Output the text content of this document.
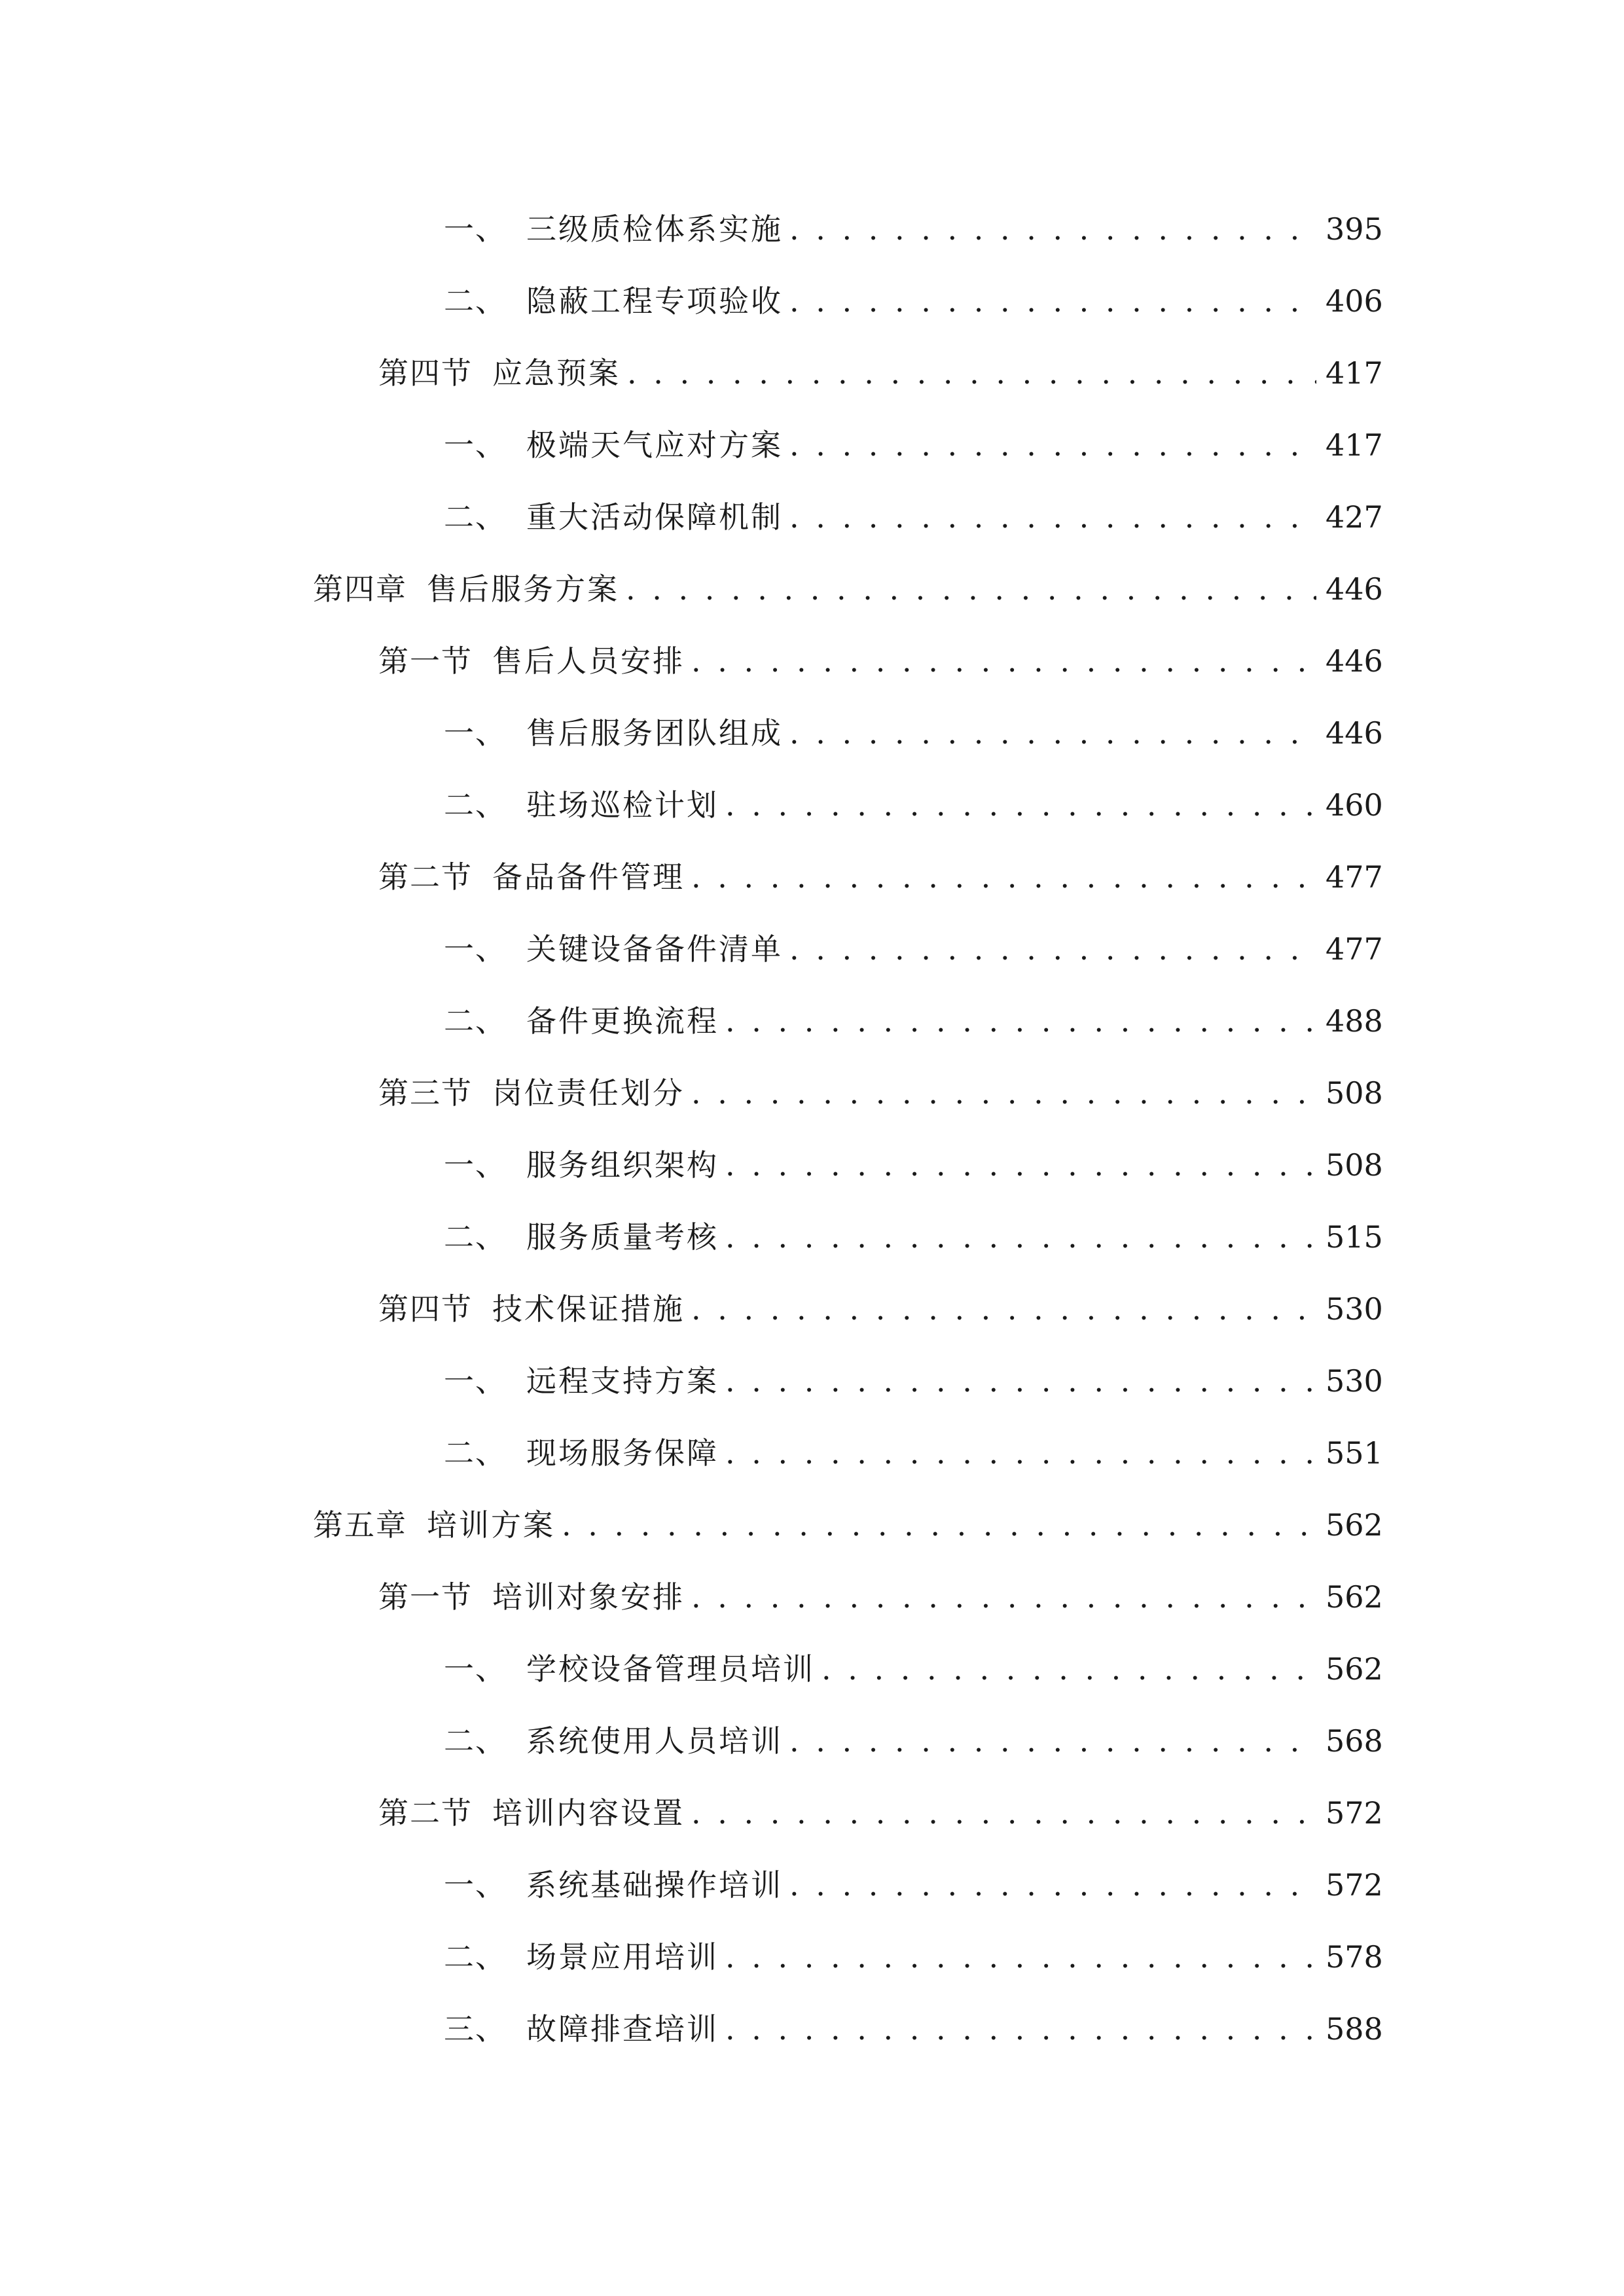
一、 三级质检体系实施 . . .	395
二、 隐蔽工程专项验收 . . .	406
第四节 应急预案 . . .	417
一、 极端天气应对方案 . . .	417
二、 重大活动保障机制 . . .	427
第四章 售后服务方案 . . .	446
第一节 售后人员安排 . . .	446
一、 售后服务团队组成 . . .	446
二、 驻场巡检计划 . . .	460
第二节 备品备件管理 . . .	477
一、 关键设备备件清单 . . .	477
二、 备件更换流程 . . .	488
第三节 岗位责任划分 . . .	508
一、 服务组织架构 . . .	508
二、 服务质量考核 . . .	515
第四节 技术保证措施 . . .	530
一、 远程支持方案 . . .	530
二、 现场服务保障 . . .	551
第五章 培训方案 . . .	562
第一节 培训对象安排 . . .	562
一、 学校设备管理员培训 . . .	562
二、 系统使用人员培训 . . .	568
第二节 培训内容设置 . . .	572
一、 系统基础操作培训 . . .	572
二、 场景应用培训 . . .	578
三、 故障排查培训 . . .	588
